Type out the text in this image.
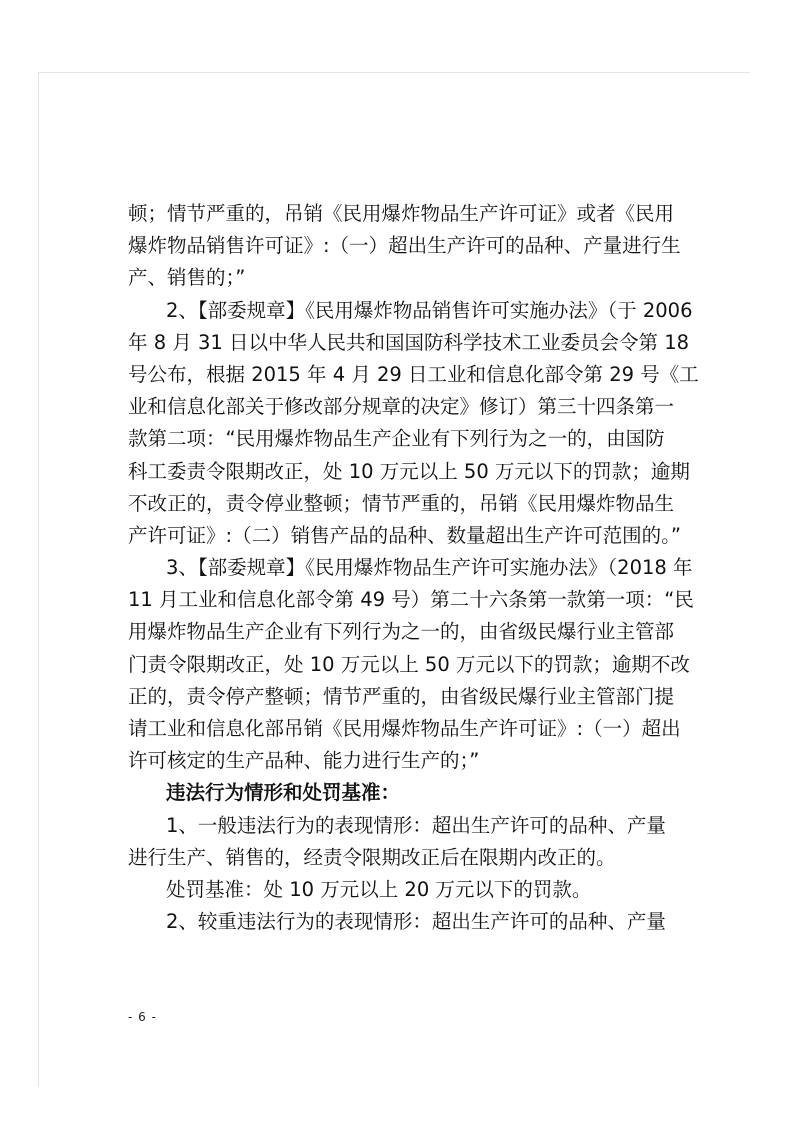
顿；情节严重的，吊销《民用爆炸物品生产许可证》或者《民用
爆炸物品销售许可证》:（一）超出生产许可的品种、产量进行生
产、销售的；”
2、【部委规章】《民用爆炸物品销售许可实施办法》（于 2006
年 8 月 31 日以中华人民共和国国防科学技术工业委员会令第 18
号公布，根据 2015 年 4 月 29 日工业和信息化部令第 29 号《工
业和信息化部关于修改部分规章的决定》修订）第三十四条第一
款第二项：“民用爆炸物品生产企业有下列行为之一的，由国防
科工委责令限期改正，处 10 万元以上 50 万元以下的罚款；逾期
不改正的，责令停业整顿；情节严重的，吊销《民用爆炸物品生
产许可证》:（二）销售产品的品种、数量超出生产许可范围的。”
3、【部委规章】《民用爆炸物品生产许可实施办法》（2018 年
11 月工业和信息化部令第 49 号）第二十六条第一款第一项：“民
用爆炸物品生产企业有下列行为之一的，由省级民爆行业主管部
门责令限期改正，处 10 万元以上 50 万元以下的罚款；逾期不改
正的，责令停产整顿；情节严重的，由省级民爆行业主管部门提
请工业和信息化部吊销《民用爆炸物品生产许可证》:（一）超出
许可核定的生产品种、能力进行生产的；”
违法行为情形和处罚基准：
1、一般违法行为的表现情形：超出生产许可的品种、产量
进行生产、销售的，经责令限期改正后在限期内改正的。
处罚基准：处 10 万元以上 20 万元以下的罚款。
2、较重违法行为的表现情形：超出生产许可的品种、产量
- 6 -
